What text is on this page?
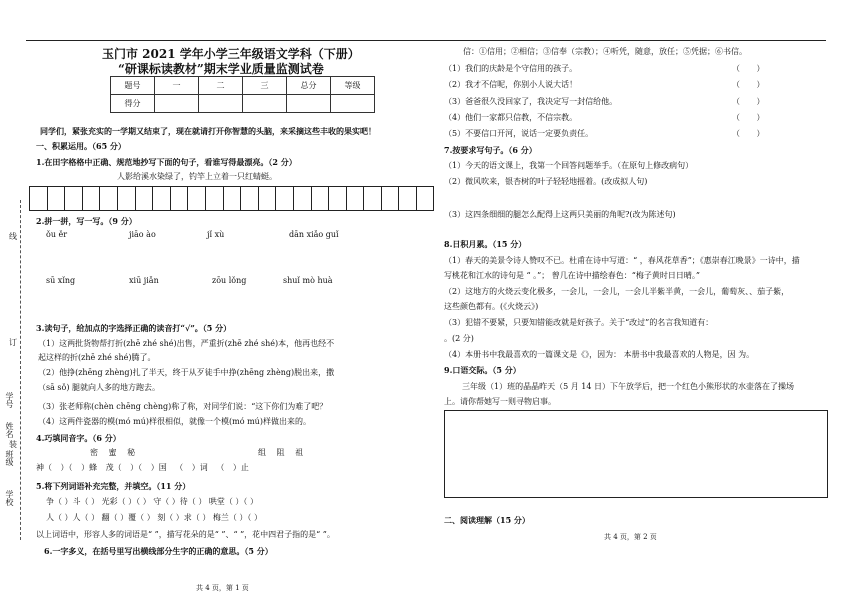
线
订
装
学号
姓名
班级
学校
玉门市 2021 学年小学三年级语文学科（下册）
“研课标读教材”期末学业质量监测试卷
题号	一	二	三	总分	等级
得分					
同学们，紧张充实的一学期又结束了，现在就请打开你智慧的头脑，来采摘这些丰收的果实吧！
一、积累运用。（65 分）
1.在田字格格中正确、规范地抄写下面的句子，看谁写得最漂亮。（2 分）
人影给溪水染绿了，钓竿上立着一只红蜻蜓。
2.拼一拼，写一写。（9 分）
ǒu ěr	jiāo ào	jǐ xù	dān xiǎo guǐ
sū xǐng	xiū jiǎn	zōu lǒng	shuǐ mò huà
3.读句子，给加点的字选择正确的读音打“√”。（5 分）
（1）这两批货物帮打折(zhē zhé shé)出售，严重折(zhē zhé shé)本，他再也经不
起这样的折(zhē zhé shé)腾了。
（2）他挣(zhēng zhèng)扎了半天，终于从歹徒手中挣(zhēng zhèng)脱出来，撒
（sā sǒ) 腿就向人多的地方跑去。
（3）张老师称(chèn chēng chèng)称了称，对同学们说：“这下你们为难了吧？
（4）这两件瓷器的模(mó mú)样很相似，就像一个模(mó mú)样做出来的。
4.巧填同音字。（6 分）
密 蜜 秘	组 阻 祖
神（ ）（ ）蜂 茂（ ）（ ）国 （ ）词 （ ）止
5.将下列词语补充完整，并填空。（11 分）
争（ ）斗（ ） 光彩（ ）（ ） 守（ ）待（ ） 哄堂（ ）（ ）
人（ ）人（ ） 翻（ ）覆（ ） 刻（ ）求（ ） 梅兰（ ）（ ）
以上词语中，形容人多的词语是“ ”，描写花朵的是“ ”、“ ”，花中四君子指的是“ ”。
6.一字多义，在括号里写出横线部分生字的正确的意思。（5 分）
共 4 页，第 1 页
信：①信用；②相信；③信奉（宗教）；④听凭，随意，放任；⑤凭据；⑥书信。
（1）我们的庆龄是个守信用的孩子。
（2）我才不信呢，你别小人说大话！
（3）爸爸很久没回家了，我决定写一封信给他。
（4）他们一家都只信教，不信宗教。
（5）不要信口开河，说话一定要负责任。
（ ）
（ ）
（ ）
（ ）
（ ）
7.按要求写句子。（6 分）
（1）今天的语文课上，我第一个回答问题举手。（在原句上修改病句）
（2）微风吹来，银杏树的叶子轻轻地摇着。(改成拟人句)
（3）这四条细细的腿怎么配得上这两只美丽的角呢?(改为陈述句)
8.日积月累。（15 分）
（1）春天的美景令诗人赞叹不已。杜甫在诗中写道：“ ，春风花草香”；《惠崇春江晚景》一诗中，描
写桃花和江水的诗句是 “ 。”； 曾几在诗中描绘春色：“梅子黄时日日晴。”
（2）这地方的火烧云变化极多，一会儿，一会儿，一会儿半紫半黄，一会儿，葡萄灰、、茄子紫，
这些颜色都有。(《火烧云》)
（3）犯错不要紧，只要知错能改就是好孩子。关于“改过”的名言我知道有：
。(2 分)
（4）本册书中我最喜欢的一篇课文是《》，因为： 本册书中我最喜欢的人物是，因 为。
9.口语交际。（5 分）
三年级（1）班的晶晶昨天（5 月 14 日）下午放学后，把一个红色小熊形状的水壶落在了操场
上。请你帮她写一则寻物启事。
二、阅读理解（15 分）
共 4 页，第 2 页
